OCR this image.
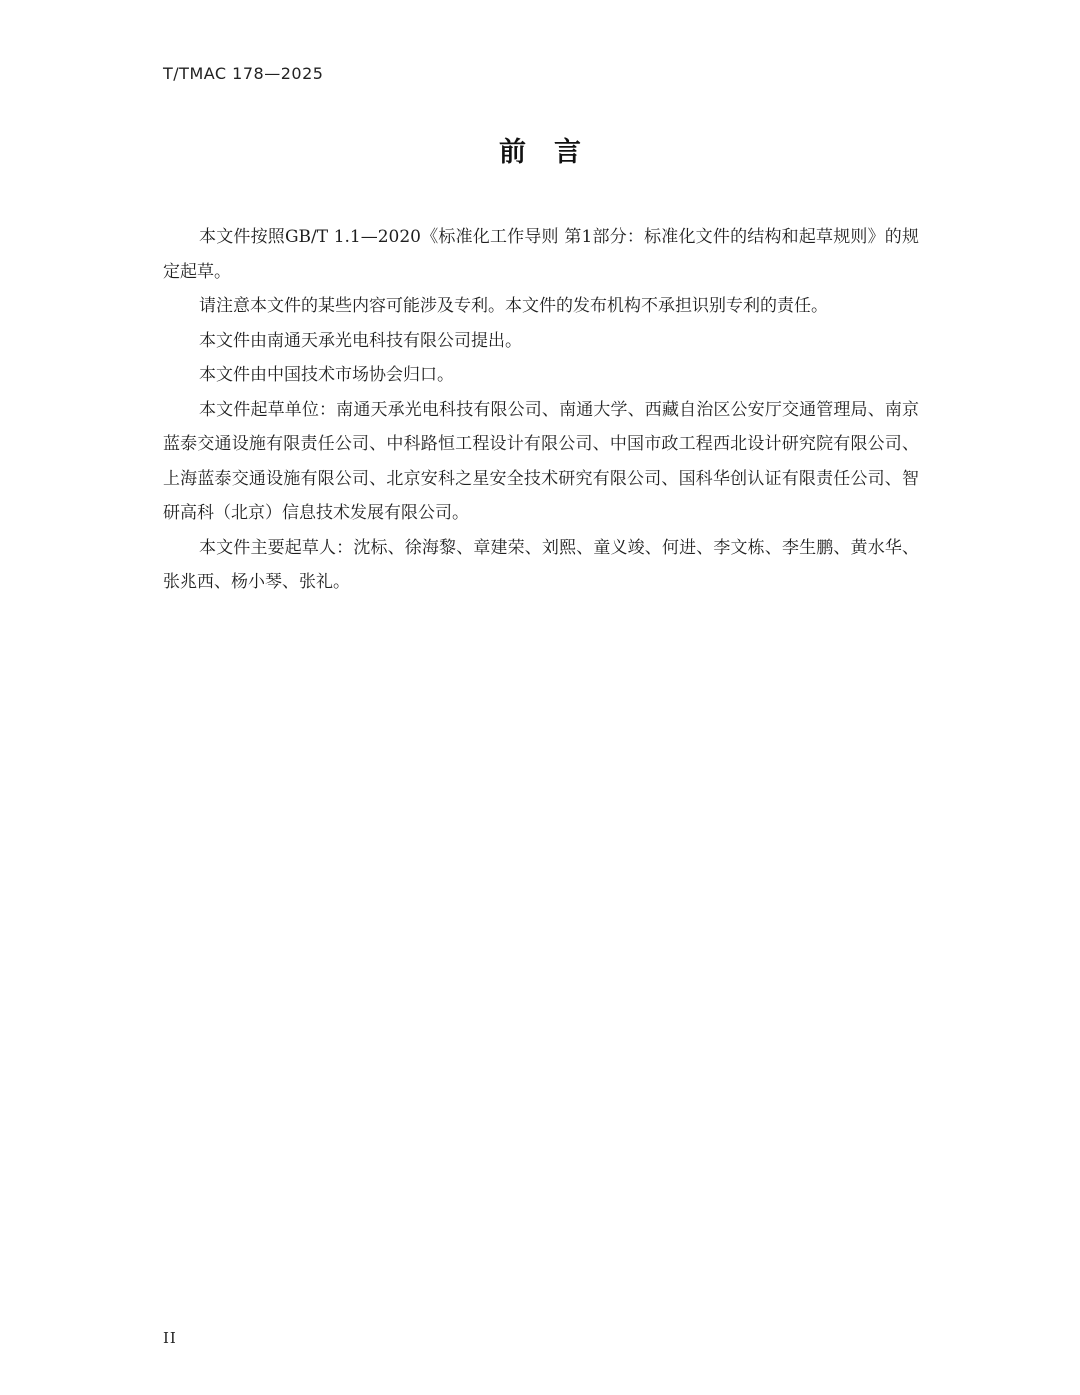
T/TMAC 178—2025
前言

本文件按照GB/T 1.1—2020《标准化工作导则 第1部分：标准化文件的结构和起草规则》的规定起草。

请注意本文件的某些内容可能涉及专利。本文件的发布机构不承担识别专利的责任。

本文件由南通天承光电科技有限公司提出。

本文件由中国技术市场协会归口。

本文件起草单位：南通天承光电科技有限公司、南通大学、西藏自治区公安厅交通管理局、南京蓝泰交通设施有限责任公司、中科路恒工程设计有限公司、中国市政工程西北设计研究院有限公司、上海蓝泰交通设施有限公司、北京安科之星安全技术研究有限公司、国科华创认证有限责任公司、智研高科（北京）信息技术发展有限公司。

本文件主要起草人：沈标、徐海黎、章建荣、刘熙、童义竣、何进、李文栋、李生鹏、黄水华、张兆西、杨小琴、张礼。

II
